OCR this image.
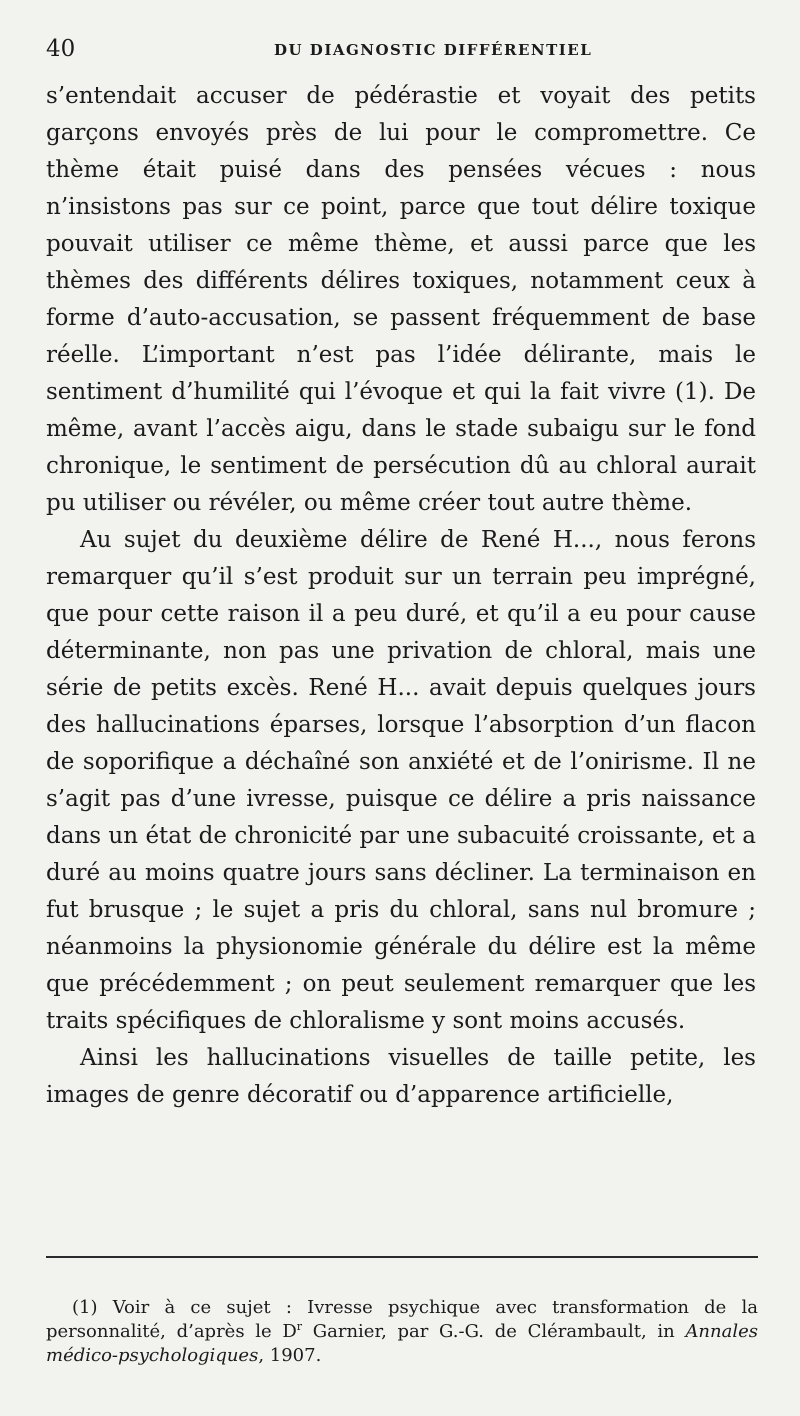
40	DU DIAGNOSTIC DIFFÉRENTIEL

s’entendait accuser de pédérastie et voyait des petits garçons envoyés près de lui pour le compromettre. Ce thème était puisé dans des pensées vécues : nous n’insistons pas sur ce point, parce que tout délire toxique pouvait utiliser ce même thème, et aussi parce que les thèmes des différents délires toxiques, notamment ceux à forme d’auto-accusation, se passent fréquemment de base réelle. L’important n’est pas l’idée délirante, mais le sentiment d’humilité qui l’évoque et qui la fait vivre (1). De même, avant l’accès aigu, dans le stade subaigu sur le fond chronique, le sentiment de persécution dû au chloral aurait pu utiliser ou révéler, ou même créer tout autre thème.

Au sujet du deuxième délire de René H..., nous ferons remarquer qu’il s’est produit sur un terrain peu imprégné, que pour cette raison il a peu duré, et qu’il a eu pour cause déterminante, non pas une privation de chloral, mais une série de petits excès. René H... avait depuis quelques jours des hallucinations éparses, lorsque l’absorption d’un flacon de soporifique a déchaîné son anxiété et de l’onirisme. Il ne s’agit pas d’une ivresse, puisque ce délire a pris naissance dans un état de chronicité par une subacuité croissante, et a duré au moins quatre jours sans décliner. La terminaison en fut brusque ; le sujet a pris du chloral, sans nul bromure ; néanmoins la physionomie générale du délire est la même que précédemment ; on peut seulement remarquer que les traits spécifiques de chloralisme y sont moins accusés.

Ainsi les hallucinations visuelles de taille petite, les images de genre décoratif ou d’apparence artificielle,

(1) Voir à ce sujet : Ivresse psychique avec transformation de la personnalité, d’après le $D^r$ Garnier, par G.-G. de Clérambault, in Annales médico-psychologiques, 1907.
